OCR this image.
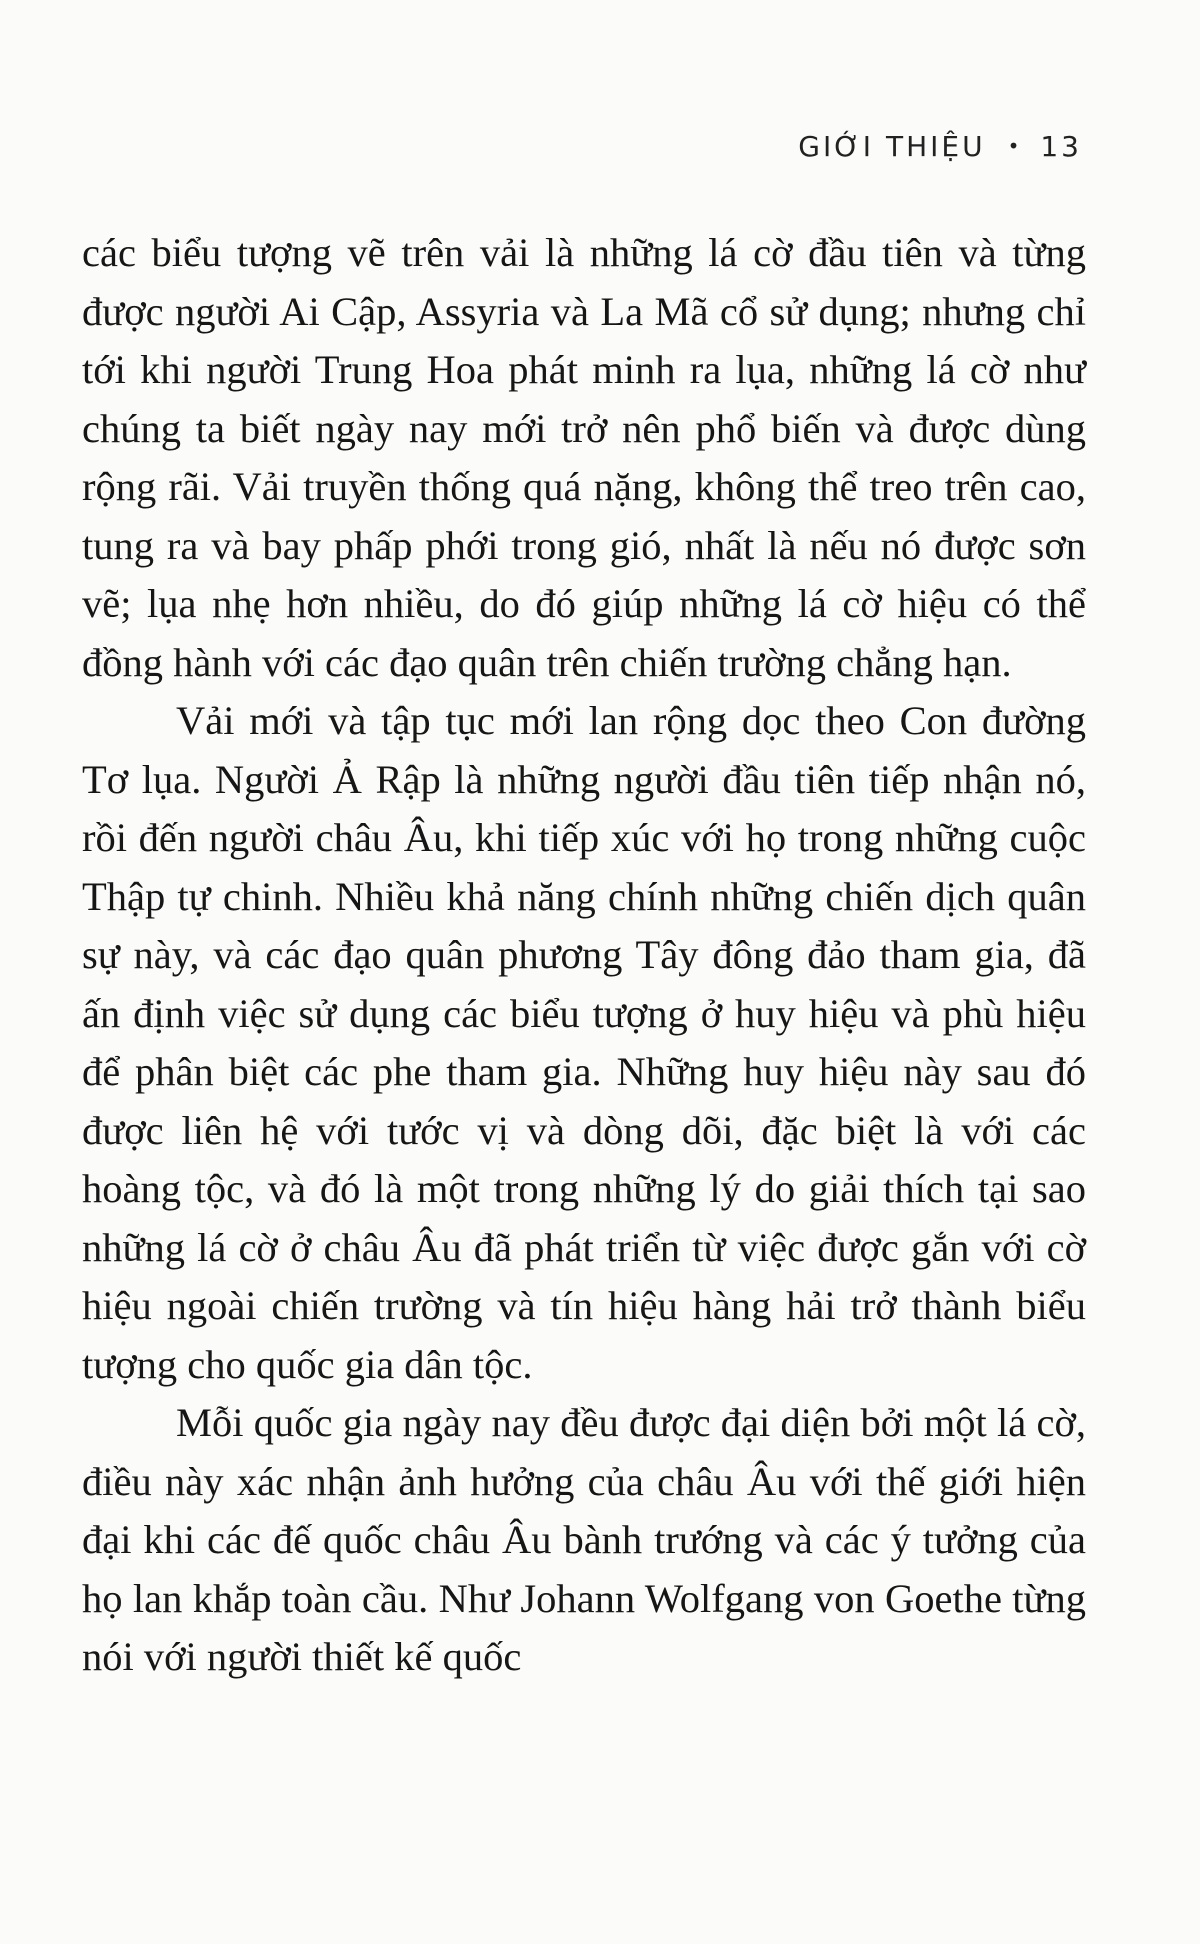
GIỚI THIỆU • 13

các biểu tượng vẽ trên vải là những lá cờ đầu tiên và từng được người Ai Cập, Assyria và La Mã cổ sử dụng; nhưng chỉ tới khi người Trung Hoa phát minh ra lụa, những lá cờ như chúng ta biết ngày nay mới trở nên phổ biến và được dùng rộng rãi. Vải truyền thống quá nặng, không thể treo trên cao, tung ra và bay phấp phới trong gió, nhất là nếu nó được sơn vẽ; lụa nhẹ hơn nhiều, do đó giúp những lá cờ hiệu có thể đồng hành với các đạo quân trên chiến trường chẳng hạn.

Vải mới và tập tục mới lan rộng dọc theo Con đường Tơ lụa. Người Ả Rập là những người đầu tiên tiếp nhận nó, rồi đến người châu Âu, khi tiếp xúc với họ trong những cuộc Thập tự chinh. Nhiều khả năng chính những chiến dịch quân sự này, và các đạo quân phương Tây đông đảo tham gia, đã ấn định việc sử dụng các biểu tượng ở huy hiệu và phù hiệu để phân biệt các phe tham gia. Những huy hiệu này sau đó được liên hệ với tước vị và dòng dõi, đặc biệt là với các hoàng tộc, và đó là một trong những lý do giải thích tại sao những lá cờ ở châu Âu đã phát triển từ việc được gắn với cờ hiệu ngoài chiến trường và tín hiệu hàng hải trở thành biểu tượng cho quốc gia dân tộc.

Mỗi quốc gia ngày nay đều được đại diện bởi một lá cờ, điều này xác nhận ảnh hưởng của châu Âu với thế giới hiện đại khi các đế quốc châu Âu bành trướng và các ý tưởng của họ lan khắp toàn cầu. Như Johann Wolfgang von Goethe từng nói với người thiết kế quốc
